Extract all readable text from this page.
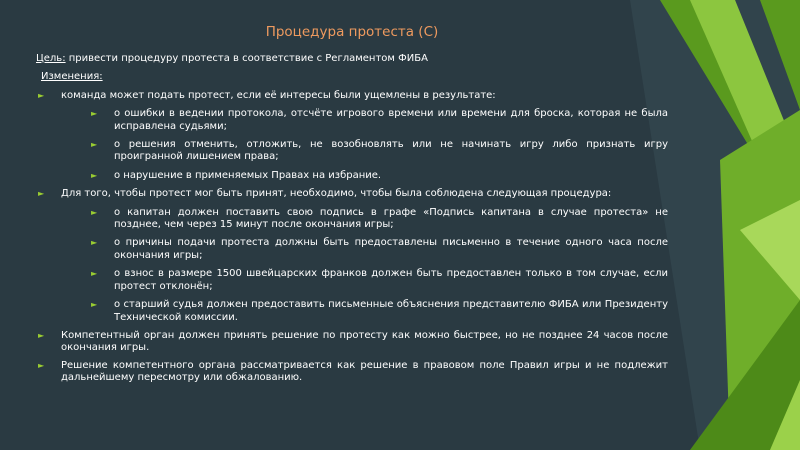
Процедура протеста (С)
Цель: привести процедуру протеста в соответствие с Регламентом ФИБА
Изменения:
► команда может подать протест, если её интересы были ущемлены в результате:
► о ошибки в ведении протокола, отсчёте игрового времени или времени для броска, которая не была исправлена судьями;
► о решения отменить, отложить, не возобновлять или не начинать игру либо признать игру проигранной лишением права;
► о нарушение в применяемых Правах на избрание.
► Для того, чтобы протест мог быть принят, необходимо, чтобы была соблюдена следующая процедура:
► о капитан должен поставить свою подпись в графе «Подпись капитана в случае протеста» не позднее, чем через 15 минут после окончания игры;
► о причины подачи протеста должны быть предоставлены письменно в течение одного часа после окончания игры;
► о взнос в размере 1500 швейцарских франков должен быть предоставлен только в том случае, если протест отклонён;
► о старший судья должен предоставить письменные объяснения представителю ФИБА или Президенту Технической комиссии.
► Компетентный орган должен принять решение по протесту как можно быстрее, но не позднее 24 часов после окончания игры.
► Решение компетентного органа рассматривается как решение в правовом поле Правил игры и не подлежит дальнейшему пересмотру или обжалованию.
